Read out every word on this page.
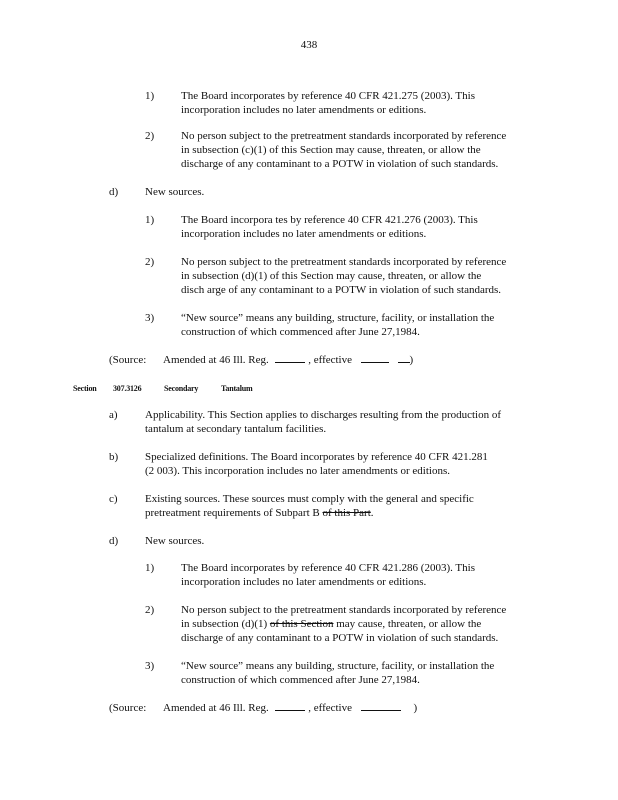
438
1) The Board incorporates by reference 40 CFR 421.275 (2003). This
incorporation includes no later amendments or editions.
2) No person subject to the pretreatment standards incorporated by reference
in subsection (c)(1) of this Section may cause, threaten, or allow the
discharge of any contaminant to a POTW in violation of such standards.
d) New sources.
1) The Board incorpora tes by reference 40 CFR 421.276 (2003). This
incorporation includes no later amendments or editions.
2) No person subject to the pretreatment standards incorporated by reference
in subsection (d)(1) of this Section may cause, threaten, or allow the
disch arge of any contaminant to a POTW in violation of such standards.
3) “New source” means any building, structure, facility, or installation the
construction of which commenced after June 27,1984.
(Source: Amended at 46 Ill. Reg.	, effective	)
Section 307.3126	Secondary	Tantalum
a) Applicability. This Section applies to discharges resulting from the production of
tantalum at secondary tantalum facilities.
b) Specialized definitions. The Board incorporates by reference 40 CFR 421.281
(2 003). This incorporation includes no later amendments or editions.
c) Existing sources. These sources must comply with the general and specific
pretreatment requirements of Subpart B of this Part.
d) New sources.
1) The Board incorporates by reference 40 CFR 421.286 (2003). This
incorporation includes no later amendments or editions.
2) No person subject to the pretreatment standards incorporated by reference
in subsection (d)(1) of this Section may cause, threaten, or allow the
discharge of any contaminant to a POTW in violation of such standards.
3) “New source” means any building, structure, facility, or installation the
construction of which commenced after June 27,1984.
(Source: Amended at 46 Ill. Reg.	, effective	)
